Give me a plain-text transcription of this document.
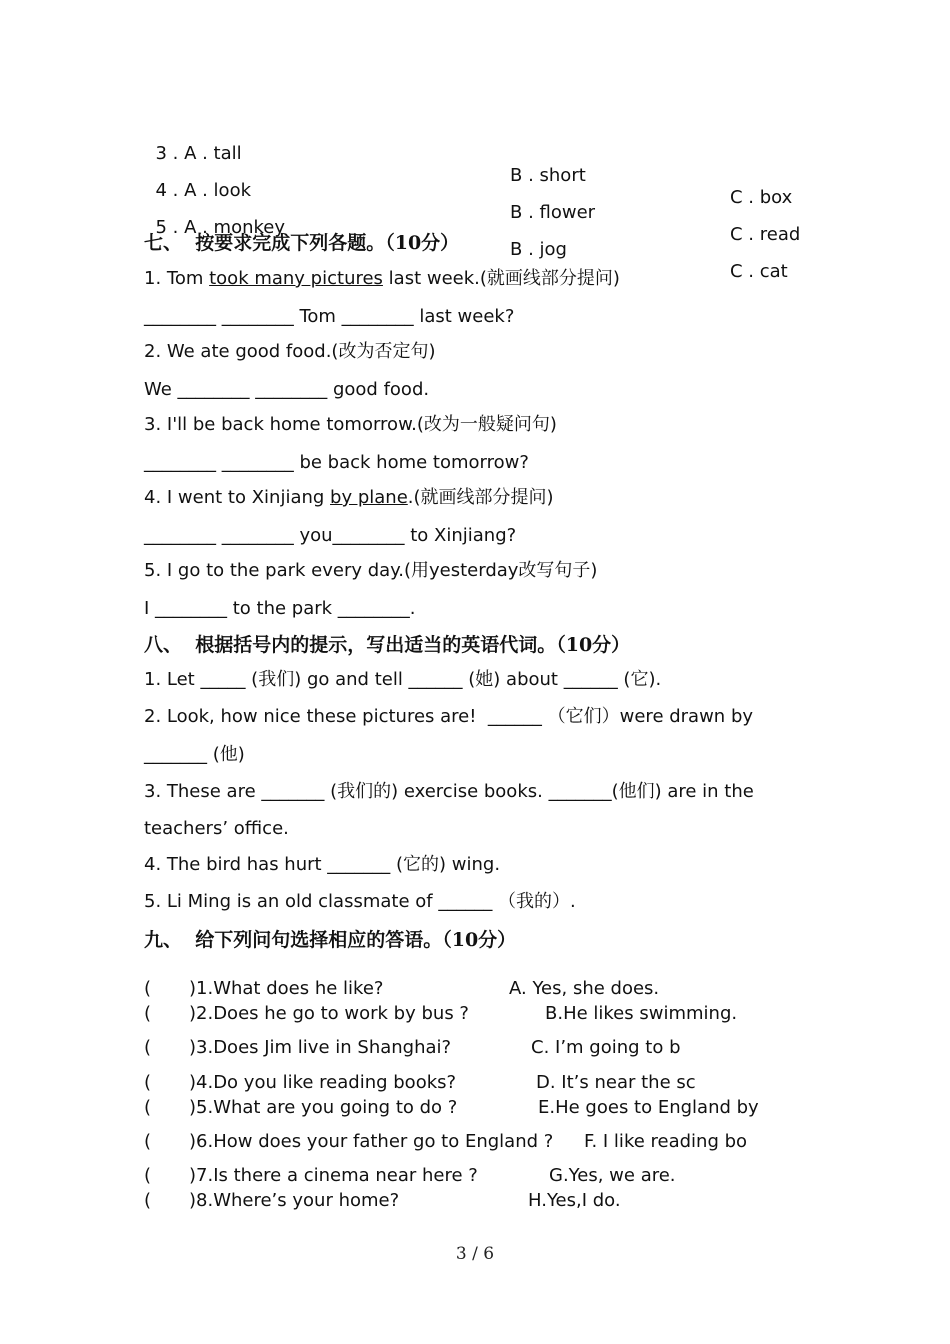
3 . A . tall

B . short

C . box

4 . A . look

B . flower

C . read

5 . A . monkey

B . jog

C . cat

七、  按要求完成下列各题。（10分）
1. Tom took many pictures last week.(就画线部分提问)
________ ________ Tom ________ last week?
2. We ate good food.(改为否定句)
We ________ ________ good food.
3. I'll be back home tomorrow.(改为一般疑问句)
________ ________ be back home tomorrow?
4. I went to Xinjiang by plane.(就画线部分提问)
________ ________ you________ to Xinjiang?
5. I go to the park every day.(用yesterday改写句子)
I ________ to the park ________.
八、  根据括号内的提示，写出适当的英语代词。（10分）
1. Let _____ (我们) go and tell ______ (她) about ______ (它).
2. Look, how nice these pictures are!  ______ （它们）were drawn by
_______ (他)
3. These are _______ (我们的) exercise books. _______(他们) are in the
teachers’ office.
4. The bird has hurt _______ (它的) wing.
5. Li Ming is an old classmate of ______ （我的）.
九、  给下列问句选择相应的答语。（10分）
( )1.What does he like?	A. Yes, she does.
( )2.Does he go to work by bus ?	B.He likes swimming.
( )3.Does Jim live in Shanghai?	C. I’m going to b
( )4.Do you like reading books?	D. It’s near the sc
( )5.What are you going to do ?	E.He goes to England by
( )6.How does your father go to England ? F. I like reading bo
( )7.Is there a cinema near here ?	G.Yes, we are.
( )8.Where’s your home?	H.Yes,I do.
3 / 6
